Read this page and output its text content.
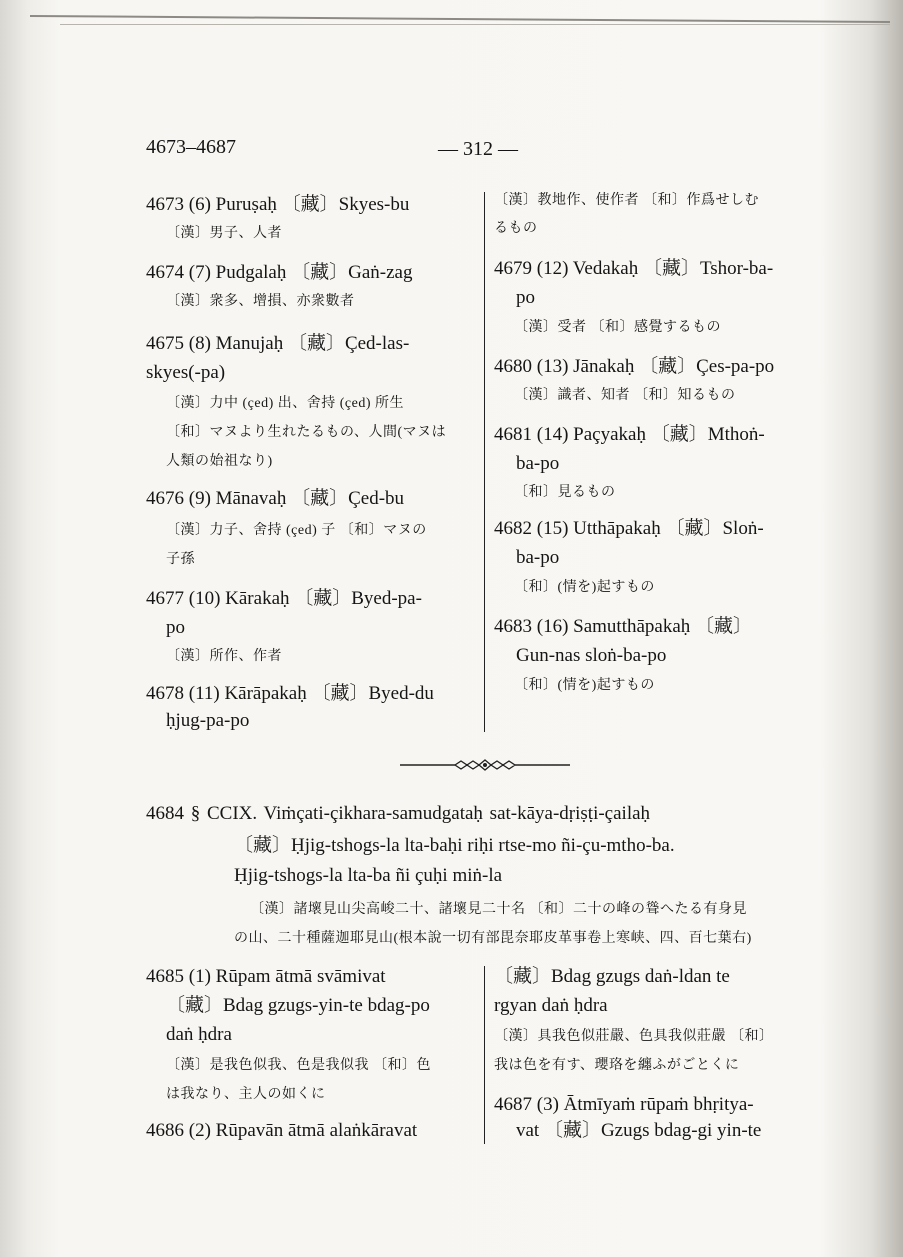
4673–4687	— 312 —
4673 (6) Puruṣaḥ 〔藏〕Skyes-bu
〔漢〕男子、人者
4674 (7) Pudgalaḥ 〔藏〕Gaṅ-zag
〔漢〕衆多、增損、亦衆數者
4675 (8) Manujaḥ 〔藏〕Çed-las-
skyes(-pa)
〔漢〕力中 (çed) 出、舍持 (çed) 所生
〔和〕マヌより生れたるもの、人間(マヌは
人類の始祖なり)
4676 (9) Mānavaḥ 〔藏〕Çed-bu
〔漢〕力子、舍持 (çed) 子 〔和〕マヌの
子孫
4677 (10) Kārakaḥ 〔藏〕Byed-pa-
po
〔漢〕所作、作者
4678 (11) Kārāpakaḥ 〔藏〕Byed-du
ḥjug-pa-po
〔漢〕教地作、使作者 〔和〕作爲せしむ
るもの
4679 (12) Vedakaḥ 〔藏〕Tshor-ba-
po
〔漢〕受者 〔和〕感覺するもの
4680 (13) Jānakaḥ 〔藏〕Çes-pa-po
〔漢〕識者、知者 〔和〕知るもの
4681 (14) Paçyakaḥ 〔藏〕Mthoṅ-
ba-po
〔和〕見るもの
4682 (15) Utthāpakaḥ 〔藏〕Sloṅ-
ba-po
〔和〕(情を)起すもの
4683 (16) Samutthāpakaḥ 〔藏〕
Gun-nas sloṅ-ba-po
〔和〕(情を)起すもの
4684 § CCIX. Viṁçati-çikhara-samudgataḥ sat-kāya-dṛiṣṭi-çailaḥ
〔藏〕Ḥjig-tshogs-la lta-baḥi riḥi rtse-mo ñi-çu-mtho-ba.
Ḥjig-tshogs-la lta-ba ñi çuḥi miṅ-la
〔漢〕諸壞見山尖高峻二十、諸壞見二十名 〔和〕二十の峰の聳へたる有身見
の山、二十種薩迦耶見山(根本說一切有部毘奈耶皮革事卷上寒峡、四、百七葉右)
4685 (1) Rūpam ātmā svāmivat
〔藏〕Bdag gzugs-yin-te bdag-po
daṅ ḥdra
〔漢〕是我色似我、色是我似我 〔和〕色
は我なり、主人の如くに
4686 (2) Rūpavān ātmā alaṅkāravat
〔藏〕Bdag gzugs daṅ-ldan te
rgyan daṅ ḥdra
〔漢〕具我色似莊嚴、色具我似莊嚴 〔和〕
我は色を有す、瓔珞を纏ふがごとくに
4687 (3) Ātmīyaṁ rūpaṁ bhṛitya-
vat 〔藏〕Gzugs bdag-gi yin-te
